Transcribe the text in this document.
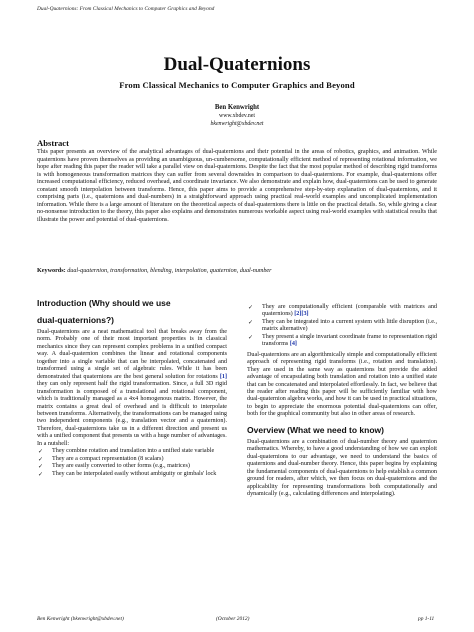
Dual-Quaternions: From Classical Mechanics to Computer Graphics and Beyond
Dual-Quaternions
From Classical Mechanics to Computer Graphics and Beyond
Ben Kenwright
www.xbdev.net
bkenwright@xbdev.net
Abstract
This paper presents an overview of the analytical advantages of dual-quaternions and their potential in the areas of robotics, graphics, and animation. While quaternions have proven themselves as providing an unambiguous, un-cumbersome, computationally efficient method of representing rotational information, we hope after reading this paper the reader will take a parallel view on dual-quaternions. Despite the fact that the most popular method of describing rigid transforms is with homogeneous transformation matrices they can suffer from several downsides in comparison to dual-quaternions. For example, dual-quaternions offer increased computational efficiency, reduced overhead, and coordinate invariance. We also demonstrate and explain how, dual-quaternions can be used to generate constant smooth interpolation between transforms. Hence, this paper aims to provide a comprehensive step-by-step explanation of dual-quaternions, and it comprising parts (i.e., quaternions and dual-numbers) in a straightforward approach using practical real-world examples and uncomplicated implementation information. While there is a large amount of literature on the theoretical aspects of dual-quaternions there is little on the practical details. So, while giving a clear no-nonsense introduction to the theory, this paper also explains and demonstrates numerous workable aspect using real-world examples with statistical results that illustrate the power and potential of dual-quaternions.
Keywords: dual-quaternion, transformation, blending, interpolation, quaternion, dual-number
Introduction (Why should we use
dual-quaternions?)

Dual-quaternions are a neat mathematical tool that breaks away from the norm. Probably one of their most important properties is in classical mechanics since they can represent complex problems in a unified compact way. A dual-quaternion combines the linear and rotational components together into a single variable that can be interpolated, concatenated and transformed using a single set of algebraic rules. While it has been demonstrated that quaternions are the best general solution for rotations [1] they can only represent half the rigid transformation. Since, a full 3D rigid transformation is composed of a translational and rotational component, which is traditionally managed as a 4x4 homogenous matrix. However, the matrix contains a great deal of overhead and is difficult to interpolate between transforms. Alternatively, the transformations can be managed using two independent components (e.g., translation vector and a quaternion). Therefore, dual-quaternions take us in a different direction and present us with a unified component that presents us with a huge number of advantages.

In a nutshell:

✓ They combine rotation and translation into a unified state variable
✓ They are a compact representation (8 scalars)
✓ They are easily converted to other forms (e.g., matrices)
✓ They can be interpolated easily without ambiguity or gimbals' lock
✓ They are computationally efficient (comparable with matrices and quaternions) [2][3]
✓ They can be integrated into a current system with little disruption (i.e., matrix alternative)
✓ They present a single invariant coordinate frame to representation rigid transforms [4]

Dual-quaternions are an algorithmically simple and computationally efficient approach of representing rigid transforms (i.e., rotation and translation). They are used in the same way as quaternions but provide the added advantage of encapsulating both translation and rotation into a unified state that can be concatenated and interpolated effortlessly. In fact, we believe that the reader after reading this paper will be sufficiently familiar with how dual-quaternion algebra works, and how it can be used in practical situations, to begin to appreciate the enormous potential dual-quaternions can offer, both for the graphical community but also in other areas of research.

Overview (What we need to know)

Dual-quaternions are a combination of dual-number theory and quaternion mathematics. Whereby, to have a good understanding of how we can exploit dual-quaternions to our advantage, we need to understand the basics of quaternions and dual-number theory. Hence, this paper begins by explaining the fundamental components of dual-quaternions to help establish a common ground for readers, after which, we then focus on dual-quaternions and the applicability for representing transformations both computationally and dynamically (e.g., calculating differences and interpolating).

Ben Kenwright (bkenwright@xbdev.net)	(October 2012)	pp 1-11
